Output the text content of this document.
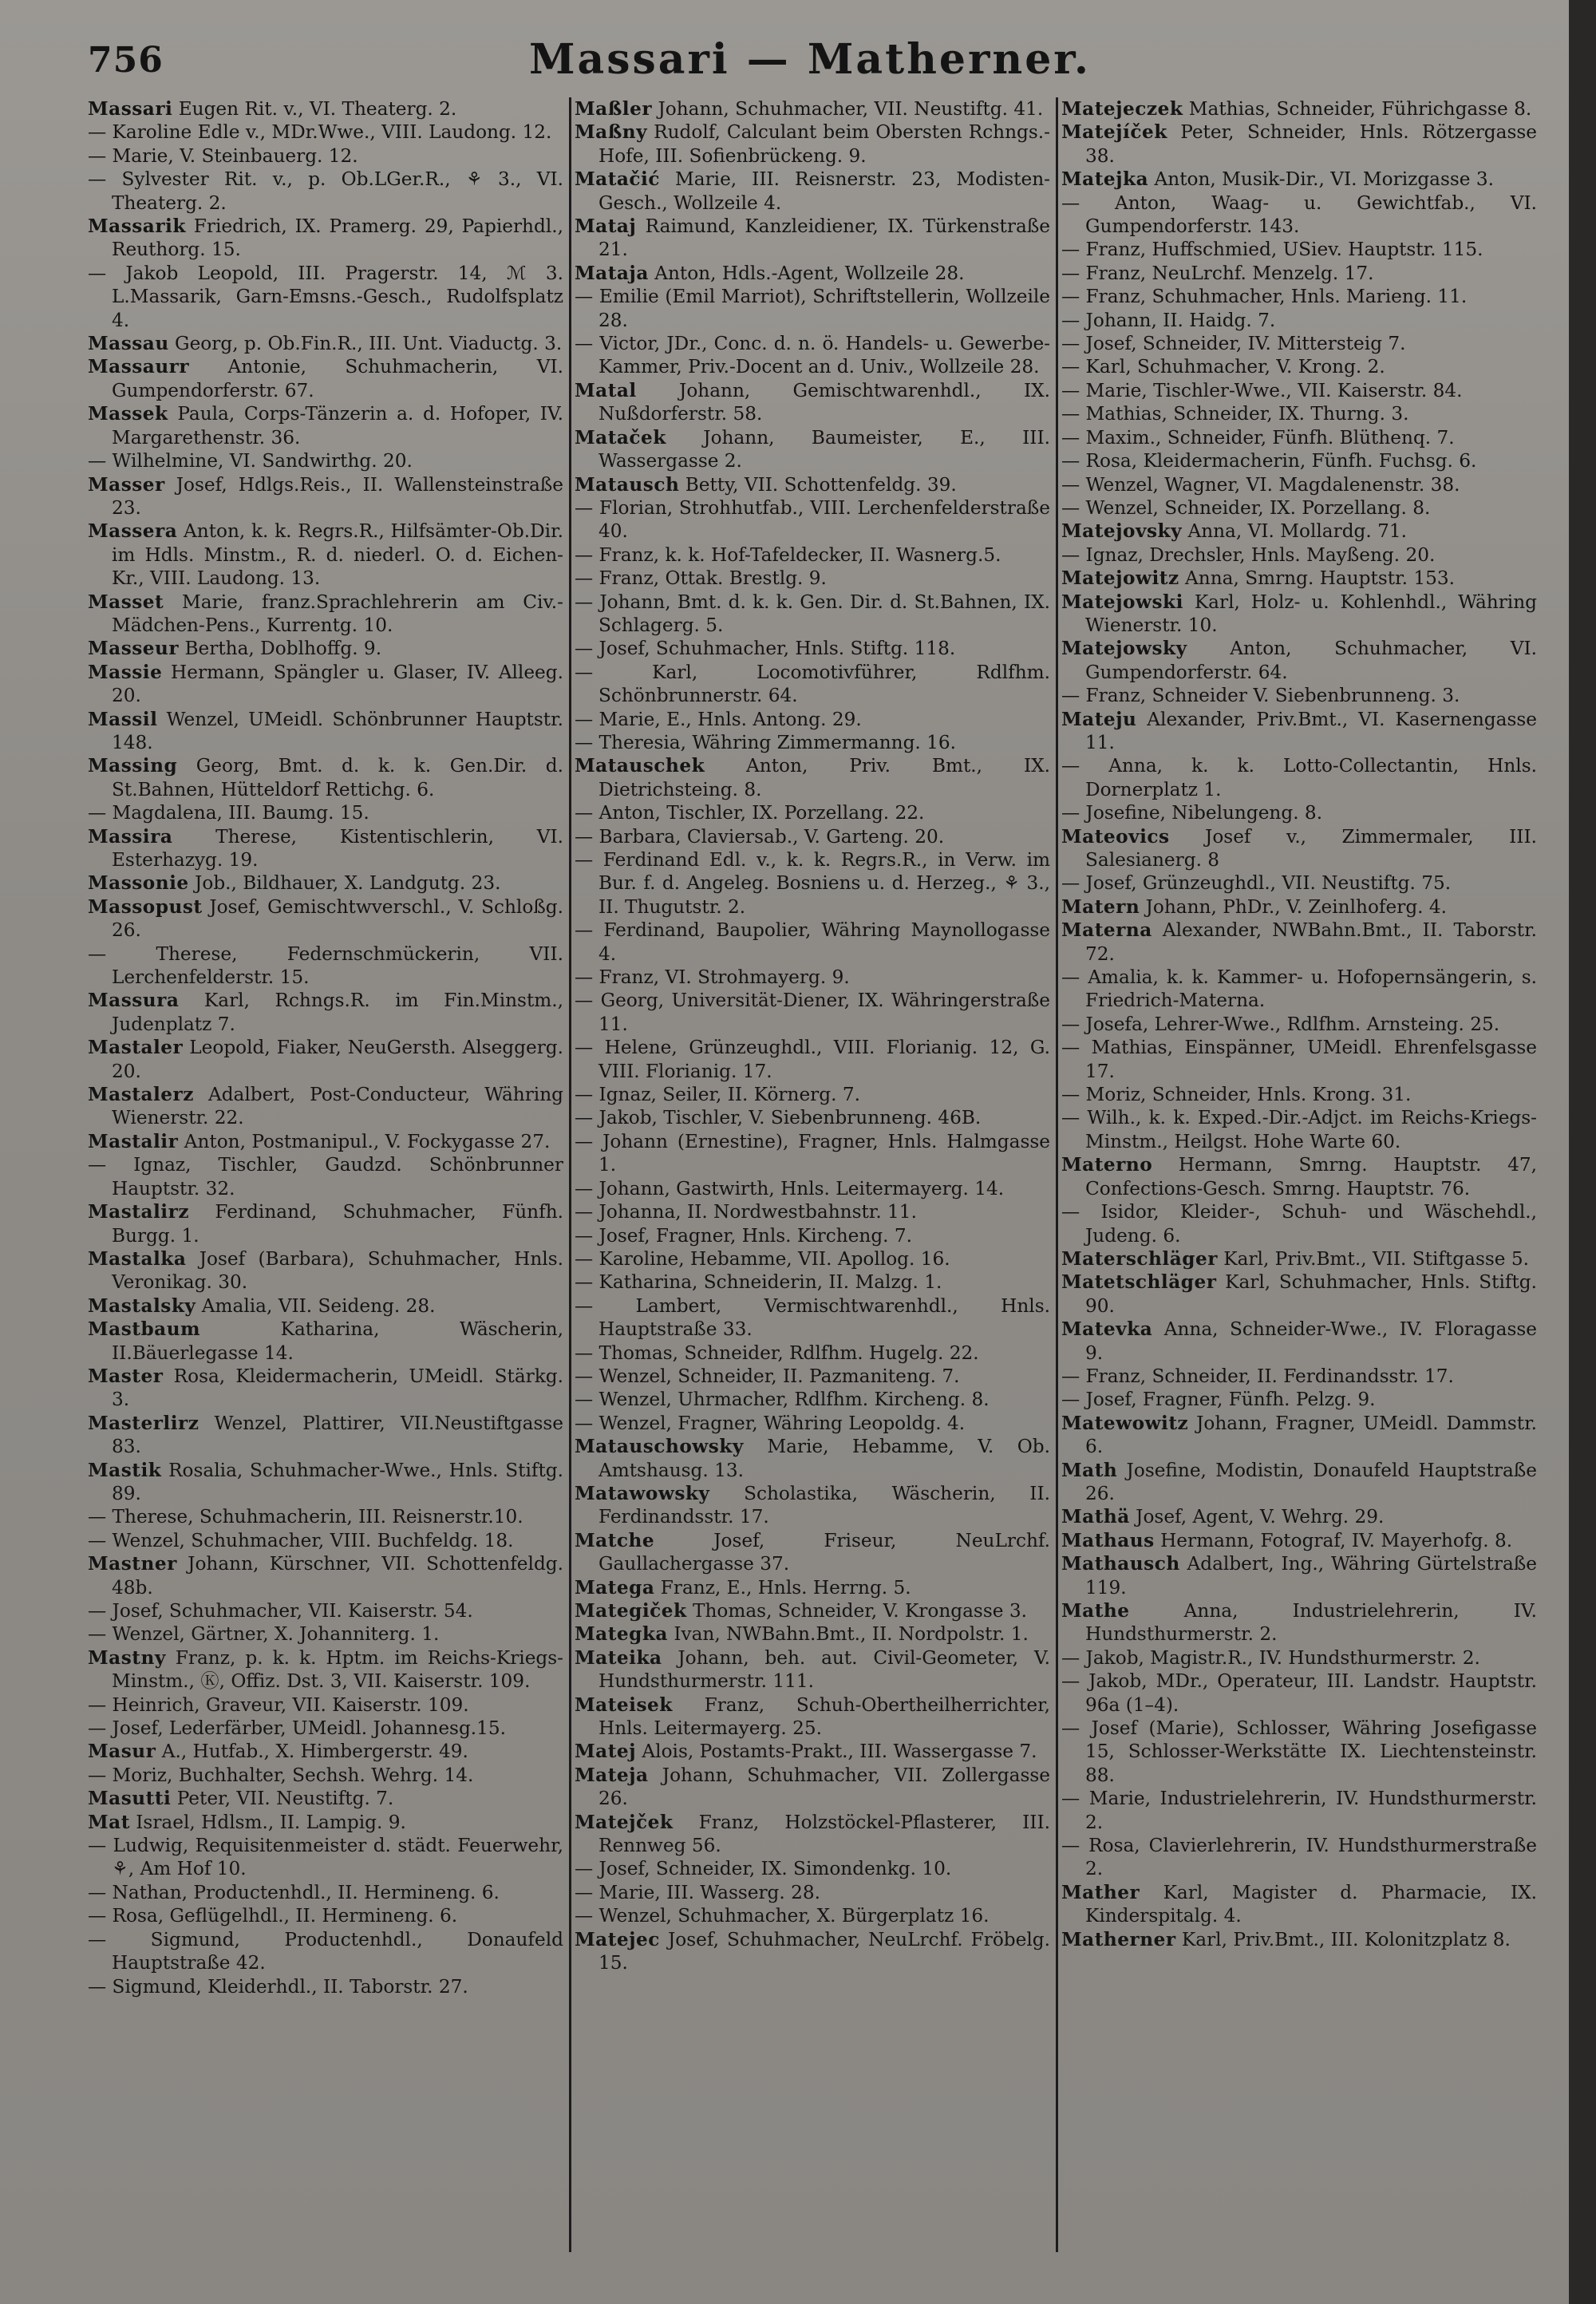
756	Massari — Matherner.

Massari Eugen Rit. v., VI. Theaterg. 2.

— Karoline Edle v., MDr.Wwe., VIII. Laudong. 12.

— Marie, V. Steinbauerg. 12.

— Sylvester Rit. v., p. Ob.LGer.R., ⚘ 3., VI. Theaterg. 2.

Massarik Friedrich, IX. Pramerg. 29, Papierhdl., Reuthorg. 15.

— Jakob Leopold, III. Pragerstr. 14, ℳ 3. L.Massarik, Garn-Emsns.-Gesch., Rudolfsplatz 4.

Massau Georg, p. Ob.Fin.R., III. Unt. Viaductg. 3.

Massaurr Antonie, Schuhmacherin, VI. Gumpendorferstr. 67.

Massek Paula, Corps-Tänzerin a. d. Hofoper, IV. Margarethenstr. 36.

— Wilhelmine, VI. Sandwirthg. 20.

Masser Josef, Hdlgs.Reis., II. Wallensteinstraße 23.

Massera Anton, k. k. Regrs.R., Hilfsämter-Ob.Dir. im Hdls. Minstm., R. d. niederl. O. d. Eichen-Kr., VIII. Laudong. 13.

Masset Marie, franz.Sprachlehrerin am Civ.-Mädchen-Pens., Kurrentg. 10.

Masseur Bertha, Doblhoffg. 9.

Massie Hermann, Spängler u. Glaser, IV. Alleeg. 20.

Massil Wenzel, UMeidl. Schönbrunner Hauptstr. 148.

Massing Georg, Bmt. d. k. k. Gen.Dir. d. St.Bahnen, Hütteldorf Rettichg. 6.

— Magdalena, III. Baumg. 15.

Massira Therese, Kistentischlerin, VI. Esterhazyg. 19.

Massonie Job., Bildhauer, X. Landgutg. 23.

Massopust Josef, Gemischtwverschl., V. Schloßg. 26.

— Therese, Federnschmückerin, VII. Lerchenfelderstr. 15.

Massura Karl, Rchngs.R. im Fin.Minstm., Judenplatz 7.

Mastaler Leopold, Fiaker, NeuGersth. Alseggerg. 20.

Mastalerz Adalbert, Post-Conducteur, Währing Wienerstr. 22.

Mastalir Anton, Postmanipul., V. Fockygasse 27.

— Ignaz, Tischler, Gaudzd. Schönbrunner Hauptstr. 32.

Mastalirz Ferdinand, Schuhmacher, Fünfh. Burgg. 1.

Mastalka Josef (Barbara), Schuhmacher, Hnls. Veronikag. 30.

Mastalsky Amalia, VII. Seideng. 28.

Mastbaum Katharina, Wäscherin, II.Bäuerlegasse 14.

Master Rosa, Kleidermacherin, UMeidl. Stärkg. 3.

Masterlirz Wenzel, Plattirer, VII.Neustiftgasse 83.

Mastik Rosalia, Schuhmacher-Wwe., Hnls. Stiftg. 89.

— Therese, Schuhmacherin, III. Reisnerstr.10.

— Wenzel, Schuhmacher, VIII. Buchfeldg. 18.

Mastner Johann, Kürschner, VII. Schottenfeldg. 48b.

— Josef, Schuhmacher, VII. Kaiserstr. 54.

— Wenzel, Gärtner, X. Johanniterg. 1.

Mastny Franz, p. k. k. Hptm. im Reichs-Kriegs-Minstm., Ⓚ, Offiz. Dst. 3, VII. Kaiserstr. 109.

— Heinrich, Graveur, VII. Kaiserstr. 109.

— Josef, Lederfärber, UMeidl. Johannesg.15.

Masur A., Hutfab., X. Himbergerstr. 49.

— Moriz, Buchhalter, Sechsh. Wehrg. 14.

Masutti Peter, VII. Neustiftg. 7.

Mat Israel, Hdlsm., II. Lampig. 9.

— Ludwig, Requisitenmeister d. städt. Feuerwehr, ⚘, Am Hof 10.

— Nathan, Productenhdl., II. Hermineng. 6.

— Rosa, Geflügelhdl., II. Hermineng. 6.

— Sigmund, Productenhdl., Donaufeld Hauptstraße 42.

— Sigmund, Kleiderhdl., II. Taborstr. 27.

Maßler Johann, Schuhmacher, VII. Neustiftg. 41.

Maßny Rudolf, Calculant beim Obersten Rchngs.-Hofe, III. Sofienbrückeng. 9.

Matačić Marie, III. Reisnerstr. 23, Modisten-Gesch., Wollzeile 4.

Mataj Raimund, Kanzleidiener, IX. Türkenstraße 21.

Mataja Anton, Hdls.-Agent, Wollzeile 28.

— Emilie (Emil Marriot), Schriftstellerin, Wollzeile 28.

— Victor, JDr., Conc. d. n. ö. Handels- u. Gewerbe-Kammer, Priv.-Docent an d. Univ., Wollzeile 28.

Matal Johann, Gemischtwarenhdl., IX. Nußdorferstr. 58.

Mataček Johann, Baumeister, E., III. Wassergasse 2.

Matausch Betty, VII. Schottenfeldg. 39.

— Florian, Strohhutfab., VIII. Lerchenfelderstraße 40.

— Franz, k. k. Hof-Tafeldecker, II. Wasnerg.5.

— Franz, Ottak. Brestlg. 9.

— Johann, Bmt. d. k. k. Gen. Dir. d. St.Bahnen, IX. Schlagerg. 5.

— Josef, Schuhmacher, Hnls. Stiftg. 118.

— Karl, Locomotivführer, Rdlfhm. Schönbrunnerstr. 64.

— Marie, E., Hnls. Antong. 29.

— Theresia, Währing Zimmermanng. 16.

Matauschek Anton, Priv. Bmt., IX. Dietrichsteing. 8.

— Anton, Tischler, IX. Porzellang. 22.

— Barbara, Claviersab., V. Garteng. 20.

— Ferdinand Edl. v., k. k. Regrs.R., in Verw. im Bur. f. d. Angeleg. Bosniens u. d. Herzeg., ⚘ 3., II. Thugutstr. 2.

— Ferdinand, Baupolier, Währing Maynollogasse 4.

— Franz, VI. Strohmayerg. 9.

— Georg, Universität-Diener, IX. Währingerstraße 11.

— Helene, Grünzeughdl., VIII. Florianig. 12, G. VIII. Florianig. 17.

— Ignaz, Seiler, II. Körnerg. 7.

— Jakob, Tischler, V. Siebenbrunneng. 46B.

— Johann (Ernestine), Fragner, Hnls. Halmgasse 1.

— Johann, Gastwirth, Hnls. Leitermayerg. 14.

— Johanna, II. Nordwestbahnstr. 11.

— Josef, Fragner, Hnls. Kircheng. 7.

— Karoline, Hebamme, VII. Apollog. 16.

— Katharina, Schneiderin, II. Malzg. 1.

— Lambert, Vermischtwarenhdl., Hnls. Hauptstraße 33.

— Thomas, Schneider, Rdlfhm. Hugelg. 22.

— Wenzel, Schneider, II. Pazmaniteng. 7.

— Wenzel, Uhrmacher, Rdlfhm. Kircheng. 8.

— Wenzel, Fragner, Währing Leopoldg. 4.

Matauschowsky Marie, Hebamme, V. Ob. Amtshausg. 13.

Matawowsky Scholastika, Wäscherin, II. Ferdinandsstr. 17.

Matche Josef, Friseur, NeuLrchf. Gaullachergasse 37.

Matega Franz, E., Hnls. Herrng. 5.

Mategiček Thomas, Schneider, V. Krongasse 3.

Mategka Ivan, NWBahn.Bmt., II. Nordpolstr. 1.

Mateika Johann, beh. aut. Civil-Geometer, V. Hundsthurmerstr. 111.

Mateisek Franz, Schuh-Obertheilherrichter, Hnls. Leitermayerg. 25.

Matej Alois, Postamts-Prakt., III. Wassergasse 7.

Mateja Johann, Schuhmacher, VII. Zollergasse 26.

Matejček Franz, Holzstöckel-Pflasterer, III. Rennweg 56.

— Josef, Schneider, IX. Simondenkg. 10.

— Marie, III. Wasserg. 28.

— Wenzel, Schuhmacher, X. Bürgerplatz 16.

Matejec Josef, Schuhmacher, NeuLrchf. Fröbelg. 15.

Matejeczek Mathias, Schneider, Führichgasse 8.

Matejíček Peter, Schneider, Hnls. Rötzergasse 38.

Matejka Anton, Musik-Dir., VI. Morizgasse 3.

— Anton, Waag- u. Gewichtfab., VI. Gumpendorferstr. 143.

— Franz, Huffschmied, USiev. Hauptstr. 115.

— Franz, NeuLrchf. Menzelg. 17.

— Franz, Schuhmacher, Hnls. Marieng. 11.

— Johann, II. Haidg. 7.

— Josef, Schneider, IV. Mittersteig 7.

— Karl, Schuhmacher, V. Krong. 2.

— Marie, Tischler-Wwe., VII. Kaiserstr. 84.

— Mathias, Schneider, IX. Thurng. 3.

— Maxim., Schneider, Fünfh. Blüthenq. 7.

— Rosa, Kleidermacherin, Fünfh. Fuchsg. 6.

— Wenzel, Wagner, VI. Magdalenenstr. 38.

— Wenzel, Schneider, IX. Porzellang. 8.

Matejovsky Anna, VI. Mollardg. 71.

— Ignaz, Drechsler, Hnls. Mayßeng. 20.

Matejowitz Anna, Smrng. Hauptstr. 153.

Matejowski Karl, Holz- u. Kohlenhdl., Währing Wienerstr. 10.

Matejowsky Anton, Schuhmacher, VI. Gumpendorferstr. 64.

— Franz, Schneider V. Siebenbrunneng. 3.

Mateju Alexander, Priv.Bmt., VI. Kasernengasse 11.

— Anna, k. k. Lotto-Collectantin, Hnls. Dornerplatz 1.

— Josefine, Nibelungeng. 8.

Mateovics Josef v., Zimmermaler, III. Salesianerg. 8

— Josef, Grünzeughdl., VII. Neustiftg. 75.

Matern Johann, PhDr., V. Zeinlhoferg. 4.

Materna Alexander, NWBahn.Bmt., II. Taborstr. 72.

— Amalia, k. k. Kammer- u. Hofopernsängerin, s. Friedrich-Materna.

— Josefa, Lehrer-Wwe., Rdlfhm. Arnsteing. 25.

— Mathias, Einspänner, UMeidl. Ehrenfelsgasse 17.

— Moriz, Schneider, Hnls. Krong. 31.

— Wilh., k. k. Exped.-Dir.-Adjct. im Reichs-Kriegs-Minstm., Heilgst. Hohe Warte 60.

Materno Hermann, Smrng. Hauptstr. 47, Confections-Gesch. Smrng. Hauptstr. 76.

— Isidor, Kleider-, Schuh- und Wäschehdl., Judeng. 6.

Materschläger Karl, Priv.Bmt., VII. Stiftgasse 5.

Matetschläger Karl, Schuhmacher, Hnls. Stiftg. 90.

Matevka Anna, Schneider-Wwe., IV. Floragasse 9.

— Franz, Schneider, II. Ferdinandsstr. 17.

— Josef, Fragner, Fünfh. Pelzg. 9.

Matewowitz Johann, Fragner, UMeidl. Dammstr. 6.

Math Josefine, Modistin, Donaufeld Hauptstraße 26.

Mathä Josef, Agent, V. Wehrg. 29.

Mathaus Hermann, Fotograf, IV. Mayerhofg. 8.

Mathausch Adalbert, Ing., Währing Gürtelstraße 119.

Mathe Anna, Industrielehrerin, IV. Hundsthurmerstr. 2.

— Jakob, Magistr.R., IV. Hundsthurmerstr. 2.

— Jakob, MDr., Operateur, III. Landstr. Hauptstr. 96a (1–4).

— Josef (Marie), Schlosser, Währing Josefigasse 15, Schlosser-Werkstätte IX. Liechtensteinstr. 88.

— Marie, Industrielehrerin, IV. Hundsthurmerstr. 2.

— Rosa, Clavierlehrerin, IV. Hundsthurmerstraße 2.

Mather Karl, Magister d. Pharmacie, IX. Kinderspitalg. 4.

Matherner Karl, Priv.Bmt., III. Kolonitzplatz 8.
